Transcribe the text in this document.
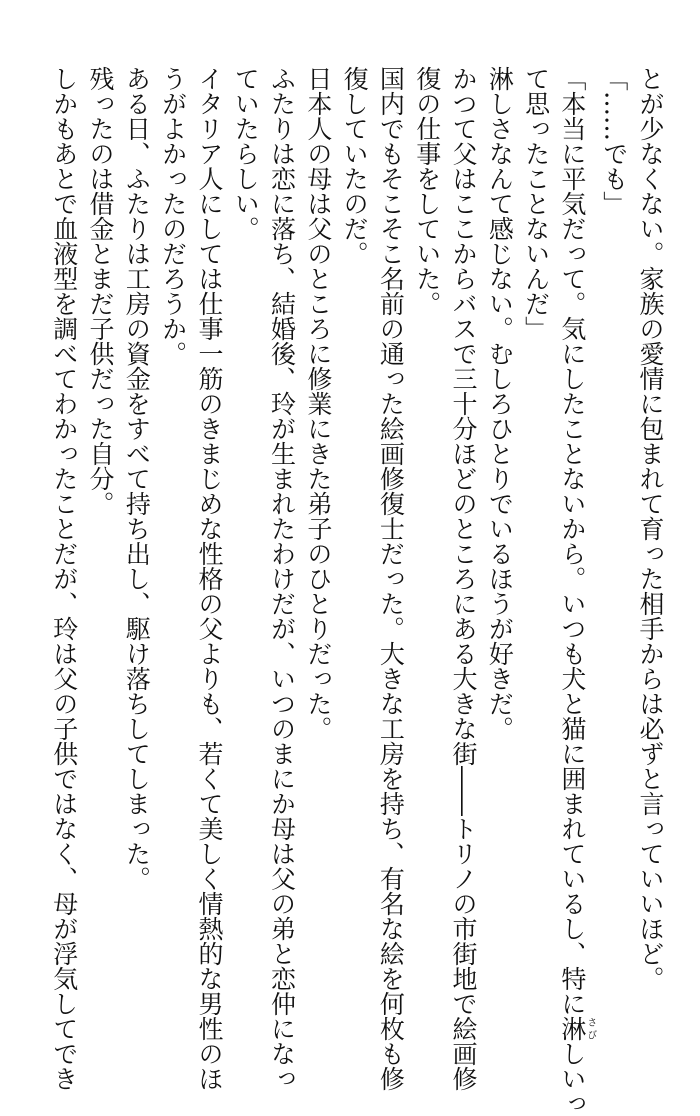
とが少なくない。家族の愛情に包まれて育った相手からは必ずと言っていいほど。
「……でも」
「本当に平気だって。気にしたことないから。いつも犬と猫に囲まれているし、特に淋さびしいっ
て思ったことないんだ」
淋しさなんて感じない。むしろひとりでいるほうが好きだ。
かつて父はここからバスで三十分ほどのところにある大きな街――トリノの市街地で絵画修
復の仕事をしていた。
国内でもそこそこ名前の通った絵画修復士だった。大きな工房を持ち、有名な絵を何枚も修
復していたのだ。
日本人の母は父のところに修業にきた弟子のひとりだった。
ふたりは恋に落ち、結婚後、玲が生まれたわけだが、いつのまにか母は父の弟と恋仲になっ
ていたらしい。
イタリア人にしては仕事一筋のきまじめな性格の父よりも、若くて美しく情熱的な男性のほ
うがよかったのだろうか。
ある日、ふたりは工房の資金をすべて持ち出し、駆け落ちしてしまった。
残ったのは借金とまだ子供だった自分。
しかもあとで血液型を調べてわかったことだが、玲は父の子供ではなく、母が浮気してでき
